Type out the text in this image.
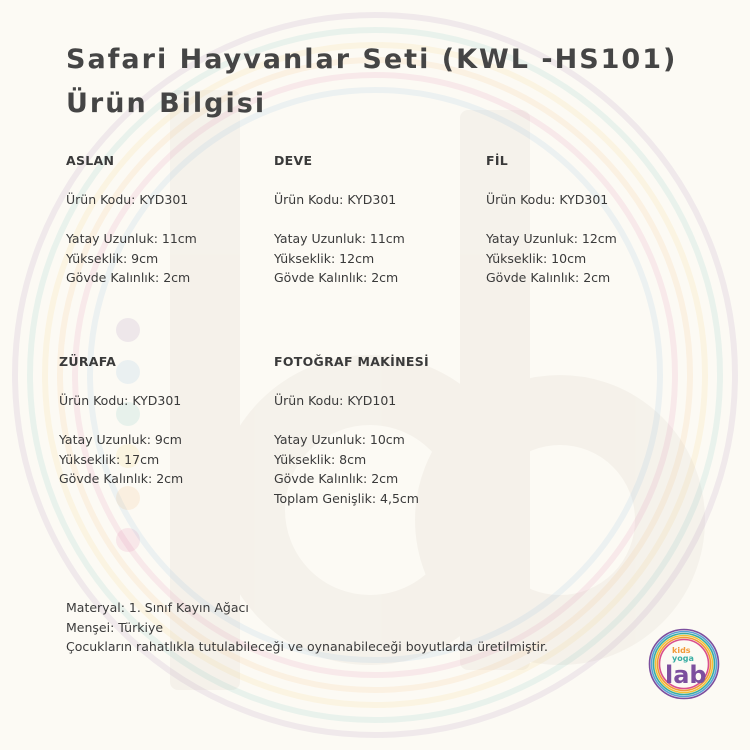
Safari Hayvanlar Seti (KWL -HS101)
Ürün Bilgisi
ASLAN
Ürün Kodu: KYD301
Yatay Uzunluk: 11cm
Yükseklik: 9cm
Gövde Kalınlık: 2cm
DEVE
Ürün Kodu: KYD301
Yatay Uzunluk: 11cm
Yükseklik: 12cm
Gövde Kalınlık: 2cm
FİL
Ürün Kodu: KYD301
Yatay Uzunluk: 12cm
Yükseklik: 10cm
Gövde Kalınlık: 2cm
ZÜRAFA
Ürün Kodu: KYD301
Yatay Uzunluk: 9cm
Yükseklik: 17cm
Gövde Kalınlık: 2cm
FOTOĞRAF MAKİNESİ
Ürün Kodu: KYD101
Yatay Uzunluk: 10cm
Yükseklik: 8cm
Gövde Kalınlık: 2cm
Toplam Genişlik: 4,5cm
Materyal: 1. Sınıf Kayın Ağacı
Menşei: Türkiye
Çocukların rahatlıkla tutulabileceği ve oynanabileceği boyutlarda üretilmiştir.	kids
yoga
lab
